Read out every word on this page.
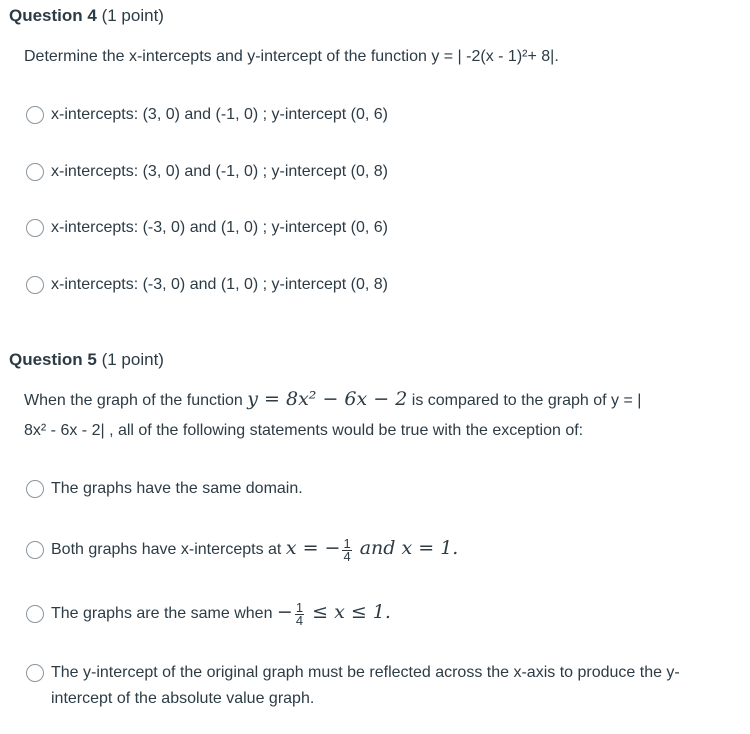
Question 4 (1 point)
Determine the x-intercepts and y-intercept of the function y = | -2(x - 1)²+ 8|.
x-intercepts: (3, 0) and (-1, 0) ; y-intercept (0, 6)
x-intercepts: (3, 0) and (-1, 0) ; y-intercept (0, 8)
x-intercepts: (-3, 0) and (1, 0) ; y-intercept (0, 6)
x-intercepts: (-3, 0) and (1, 0) ; y-intercept (0, 8)
Question 5 (1 point)
When the graph of the function y = 8x² − 6x − 2 is compared to the graph of y = |
8x² - 6x - 2| , all of the following statements would be true with the exception of:
The graphs have the same domain.
Both graphs have x-intercepts at x = − $\frac{1}{4}$ and x = 1.
The graphs are the same when − $\frac{1}{4} \le x \le 1$.
The y-intercept of the original graph must be reflected across the x-axis to produce the y-intercept of the absolute value graph.
